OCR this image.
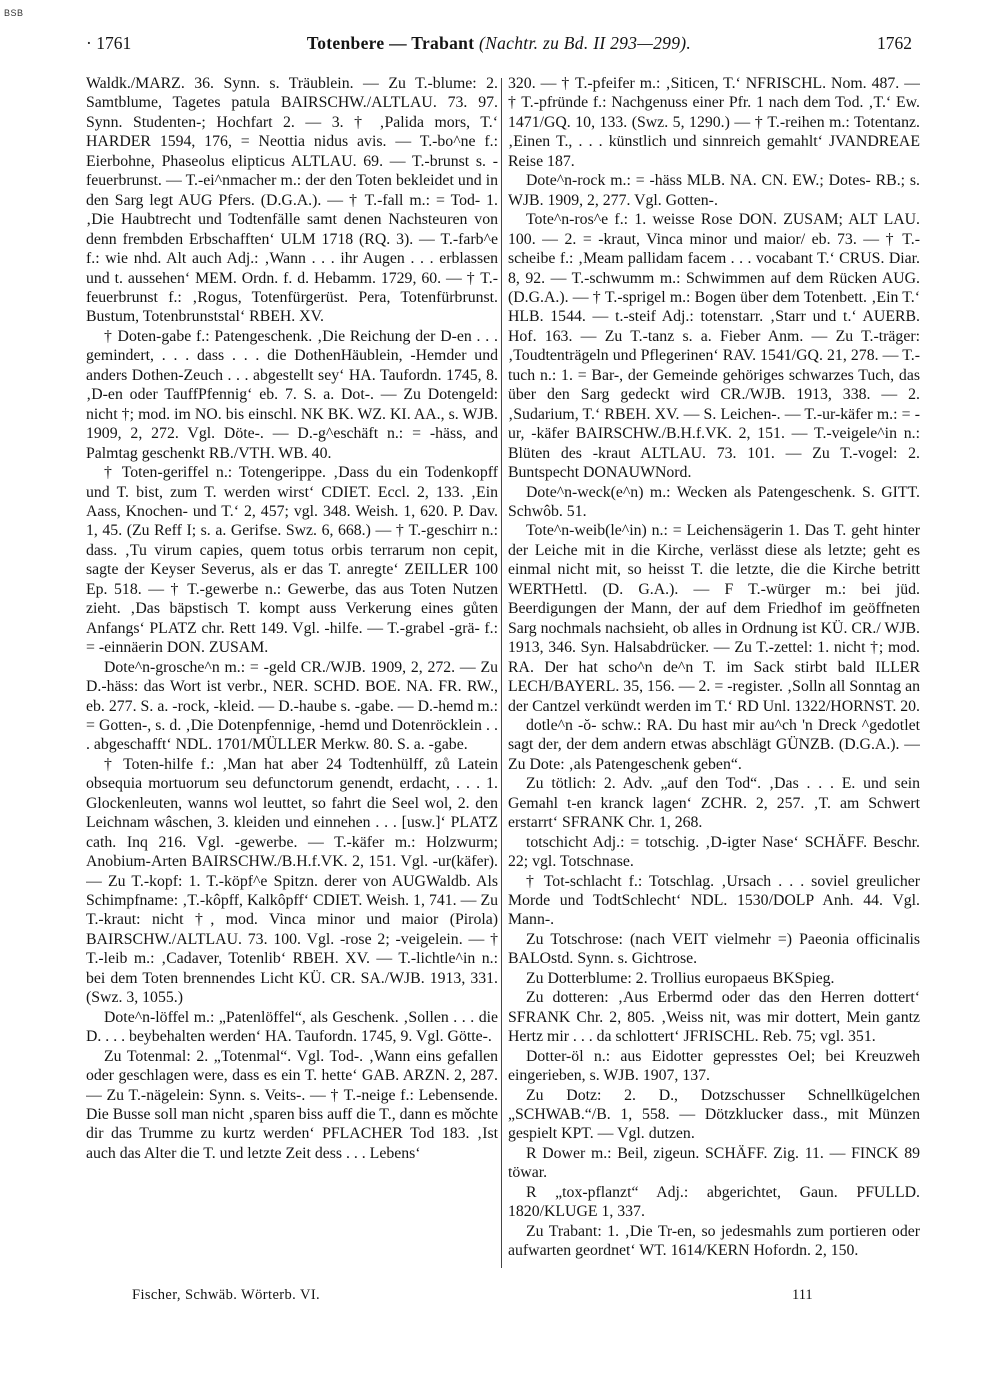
BSB
· 1761	Totenbere — Trabant (Nachtr. zu Bd. II 293—299).	1762

Waldk./MARZ. 36. Synn. s. Träublein. — Zu T.-blume: 2. Samtblume, Tagetes patula BAIRSCHW./ALTLAU. 73. 97. Synn. Studenten-; Hochfart 2. — 3. † ‚Palida mors, T.‘ HARDER 1594, 176, = Neottia nidus avis. — T.-bo^ne f.: Eierbohne, Phaseolus elipticus ALTLAU. 69. — T.-brunst s. -feuerbrunst. — T.-ei^nmacher m.: der den Toten bekleidet und in den Sarg legt AUG Pfers. (D.G.A.). — † T.-fall m.: = Tod- 1. ‚Die Haubtrecht und Todtenfälle samt denen Nachsteuren von denn frembden Erbschafften‘ ULM 1718 (RQ. 3). — T.-farb^e f.: wie nhd. Alt auch Adj.: ‚Wann . . . ihr Augen . . . erblassen und t. aussehen‘ MEM. Ordn. f. d. Hebamm. 1729, 60. — † T.-feuerbrunst f.: ‚Rogus, Totenfürgerüst. Pera, Totenfürbrunst. Bustum, Totenbrunststal‘ RBEH. XV.

† Doten-gabe f.: Patengeschenk. ‚Die Reichung der D-en . . . gemindert, . . . dass . . . die DothenHäublein, -Hemder und anders Dothen-Zeuch . . . abgestellt sey‘ HA. Taufordn. 1745, 8. ‚D-en oder TauffPfennig‘ eb. 7. S. a. Dot-. — Zu Dotengeld: nicht †; mod. im NO. bis einschl. NK BK. WZ. KI. AA., s. WJB. 1909, 2, 272. Vgl. Döte-. — D.-g^eschäft n.: = -häss, and Palmtag geschenkt RB./VTH. WB. 40.

† Toten-geriffel n.: Totengerippe. ‚Dass du ein Todenkopff und T. bist, zum T. werden wirst‘ CDIET. Eccl. 2, 133. ‚Ein Aass, Knochen- und T.‘ 2, 457; vgl. 348. Weish. 1, 620. P. Dav. 1, 45. (Zu Reff I; s. a. Gerifse. Swz. 6, 668.) — † T.-geschirr n.: dass. ‚Tu virum capies, quem totus orbis terrarum non cepit, sagte der Keyser Severus, als er das T. anregte‘ ZEILLER 100 Ep. 518. — † T.-gewerbe n.: Gewerbe, das aus Toten Nutzen zieht. ‚Das bäpstisch T. kompt auss Verkerung eines gůten Anfangs‘ PLATZ chr. Rett 149. Vgl. -hilfe. — T.-grabel -grä- f.: = -einnäerin DON. ZUSAM.

Dote^n-grosche^n m.: = -geld CR./WJB. 1909, 2, 272. — Zu D.-häss: das Wort ist verbr., NER. SCHD. BOE. NA. FR. RW., eb. 277. S. a. -rock, -kleid. — D.-haube s. -gabe. — D.-hemd m.: = Gotten-, s. d. ‚Die Dotenpfennige, -hemd und Dotenröcklein . . . abgeschafft‘ NDL. 1701/MÜLLER Merkw. 80. S. a. -gabe.

† Toten-hilfe f.: ‚Man hat aber 24 Todtenhülff, zů Latein obsequia mortuorum seu defunctorum genendt, erdacht, . . . 1. Glockenleuten, wanns wol leuttet, so fahrt die Seel wol, 2. den Leichnam wâschen, 3. kleiden und einnehen . . . [usw.]‘ PLATZ cath. Inq 216. Vgl. -gewerbe. — T.-käfer m.: Holzwurm; Anobium-Arten BAIRSCHW./B.H.f.VK. 2, 151. Vgl. -ur(käfer). — Zu T.-kopf: 1. T.-köpf^e Spitzn. derer von AUGWaldb. Als Schimpfname: ‚T.-kôpff, Kalkôpff‘ CDIET. Weish. 1, 741. — Zu T.-kraut: nicht †, mod. Vinca minor und maior (Pirola) BAIRSCHW./ALTLAU. 73. 100. Vgl. -rose 2; -veigelein. — † T.-leib m.: ‚Cadaver, Totenlib‘ RBEH. XV. — T.-lichtle^in n.: bei dem Toten brennendes Licht KÜ. CR. SA./WJB. 1913, 331. (Swz. 3, 1055.)

Dote^n-löffel m.: „Patenlöffel“, als Geschenk. ‚Sollen . . . die D. . . . beybehalten werden‘ HA. Taufordn. 1745, 9. Vgl. Götte-.

Zu Totenmal: 2. „Totenmal“. Vgl. Tod-. ‚Wann eins gefallen oder geschlagen were, dass es ein T. hette‘ GAB. ARZN. 2, 287. — Zu T.-nägelein: Synn. s. Veits-. — † T.-neige f.: Lebensende. Die Busse soll man nicht ‚sparen biss auff die T., dann es mǒchte dir das Trumme zu kurtz werden‘ PFLACHER Tod 183. ‚Ist auch das Alter die T. und letzte Zeit dess . . . Lebens‘

320. — † T.-pfeifer m.: ‚Siticen, T.‘ NFRISCHL. Nom. 487. — † T.-pfründe f.: Nachgenuss einer Pfr. 1 nach dem Tod. ‚T.‘ Ew. 1471/GQ. 10, 133. (Swz. 5, 1290.) — † T.-reihen m.: Totentanz. ‚Einen T., . . . künstlich und sinnreich gemahlt‘ JVANDREAE Reise 187.

Dote^n-rock m.: = -häss MLB. NA. CN. EW.; Dotes- RB.; s. WJB. 1909, 2, 277. Vgl. Gotten-.

Tote^n-ros^e f.: 1. weisse Rose DON. ZUSAM; ALT LAU. 100. — 2. = -kraut, Vinca minor und maior/ eb. 73. — † T.-scheibe f.: ‚Meam pallidam facem . . . vocabant T.‘ CRUS. Diar. 8, 92. — T.-schwumm m.: Schwimmen auf dem Rücken AUG. (D.G.A.). — † T.-sprigel m.: Bogen über dem Totenbett. ‚Ein T.‘ HLB. 1544. — t.-steif Adj.: totenstarr. ‚Starr und t.‘ AUERB. Hof. 163. — Zu T.-tanz s. a. Fieber Anm. — Zu T.-träger: ‚Toudtenträgeln und Pflegerinen‘ RAV. 1541/GQ. 21, 278. — T.-tuch n.: 1. = Bar-, der Gemeinde gehöriges schwarzes Tuch, das über den Sarg gedeckt wird CR./WJB. 1913, 338. — 2. ‚Sudarium, T.‘ RBEH. XV. — S. Leichen-. — T.-ur-käfer m.: = -ur, -käfer BAIRSCHW./B.H.f.VK. 2, 151. — T.-veigele^in n.: Blüten des -kraut ALTLAU. 73. 101. — Zu T.-vogel: 2. Buntspecht DONAUWNord.

Dote^n-weck(e^n) m.: Wecken als Patengeschenk. S. GITT. Schwôb. 51.

Tote^n-weib(le^in) n.: = Leichensägerin 1. Das T. geht hinter der Leiche mit in die Kirche, verlässt diese als letzte; geht es einmal nicht mit, so heisst T. die letzte, die die Kirche betritt WERTHettl. (D. G.A.). — F T.-würger m.: bei jüd. Beerdigungen der Mann, der auf dem Friedhof im geöffneten Sarg nochmals nachsieht, ob alles in Ordnung ist KÜ. CR./ WJB. 1913, 346. Syn. Halsabdrücker. — Zu T.-zettel: 1. nicht †; mod. RA. Der hat scho^n de^n T. im Sack stirbt bald ILLER LECH/BAYERL. 35, 156. — 2. = -register. ‚Solln all Sonntag an der Cantzel verkündt werden im T.‘ RD Unl. 1322/HORNST. 20.

dotle^n -ŏ- schw.: RA. Du hast mir au^ch 'n Dreck ^gedotlet sagt der, der dem andern etwas abschlägt GÜNZB. (D.G.A.). — Zu Dote: ‚als Patengeschenk geben“.

Zu tötlich: 2. Adv. „auf den Tod“. ‚Das . . . E. und sein Gemahl t-en kranck lagen‘ ZCHR. 2, 257. ‚T. am Schwert erstarrt‘ SFRANK Chr. 1, 268.

totschicht Adj.: = totschig. ‚D-igter Nase‘ SCHÄFF. Beschr. 22; vgl. Totschnase.

† Tot-schlacht f.: Totschlag. ‚Ursach . . . soviel greulicher Morde und TodtSchlecht‘ NDL. 1530/DOLP Anh. 44. Vgl. Mann-.

Zu Totschrose: (nach VEIT vielmehr =) Paeonia officinalis BALOstd. Synn. s. Gichtrose.

Zu Dotterblume: 2. Trollius europaeus BKSpieg.

Zu dotteren: ‚Aus Erbermd oder das den Herren dottert‘ SFRANK Chr. 2, 805. ‚Weiss nit, was mir dottert, Mein gantz Hertz mir . . . da schlottert‘ JFRISCHL. Reb. 75; vgl. 351.

Dotter-öl n.: aus Eidotter gepresstes Oel; bei Kreuzweh eingerieben, s. WJB. 1907, 137.

Zu Dotz: 2. D., Dotzschusser Schnellkügelchen „SCHWAB.“/B. 1, 558. — Dötzklucker dass., mit Münzen gespielt KPT. — Vgl. dutzen.

R Dower m.: Beil, zigeun. SCHÄFF. Zig. 11. — FINCK 89 töwar.

R „tox-pflanzt“ Adj.: abgerichtet, Gaun. PFULLD. 1820/KLUGE 1, 337.

Zu Trabant: 1. ‚Die Tr-en, so jedesmahls zum portieren oder aufwarten geordnet‘ WT. 1614/KERN Hofordn. 2, 150.

Fischer, Schwäb. Wörterb. VI.	111
